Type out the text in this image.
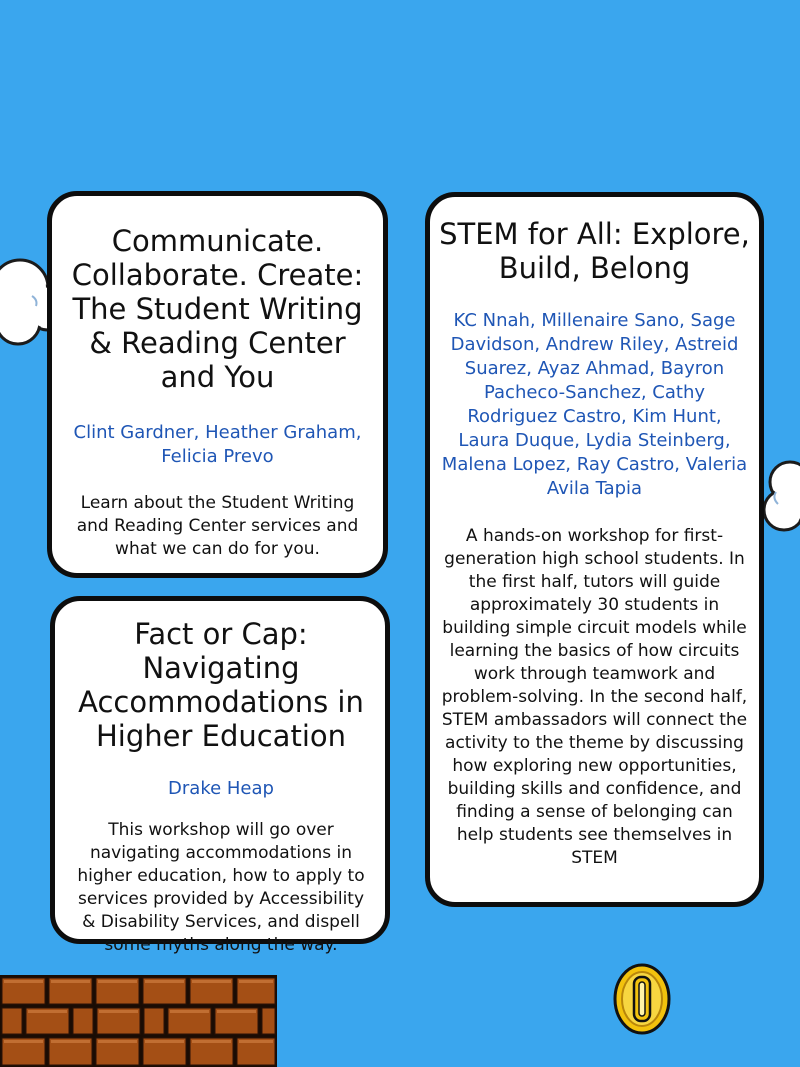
Communicate. Collaborate. Create: The Student Writing & Reading Center and You
Clint Gardner, Heather Graham, Felicia Prevo
Learn about the Student Writing and Reading Center services and what we can do for you.
Fact or Cap: Navigating Accommodations in Higher Education
Drake Heap
This workshop will go over navigating accommodations in higher education, how to apply to services provided by Accessibility & Disability Services, and dispell some myths along the way.
STEM for All: Explore, Build, Belong
KC Nnah, Millenaire Sano, Sage Davidson, Andrew Riley, Astreid Suarez, Ayaz Ahmad, Bayron Pacheco-Sanchez, Cathy Rodriguez Castro, Kim Hunt, Laura Duque, Lydia Steinberg, Malena Lopez, Ray Castro, Valeria Avila Tapia
A hands-on workshop for first-generation high school students. In the first half, tutors will guide approximately 30 students in building simple circuit models while learning the basics of how circuits work through teamwork and problem-solving. In the second half, STEM ambassadors will connect the activity to the theme by discussing how exploring new opportunities, building skills and confidence, and finding a sense of belonging can help students see themselves in STEM
